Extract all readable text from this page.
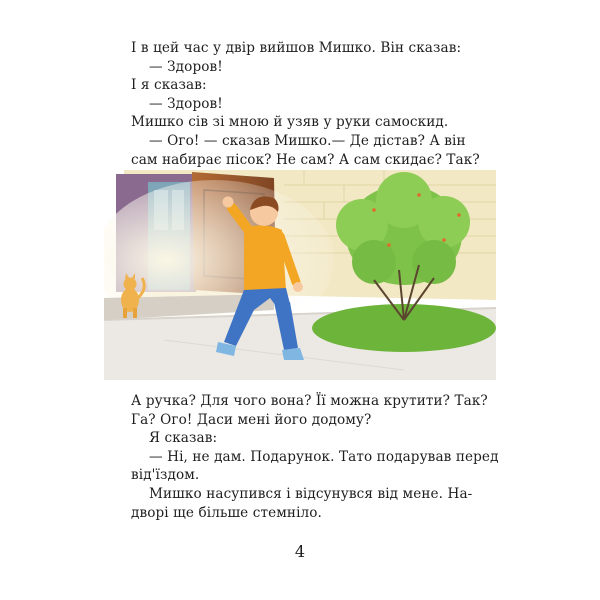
І в цей час у двір вийшов Мишко. Він сказав:
— Здоров!
І я сказав:
— Здоров!
Мишко сів зі мною й узяв у руки самоскид.
— Ого! — сказав Мишко.— Де дістав? А він
сам набирає пісок? Не сам? А сам скидає? Так?
А ручка? Для чого вона? Її можна крутити? Так?
Га? Ого! Даси мені його додому?
Я сказав:
— Ні, не дам. Подарунок. Тато подарував перед
від'їздом.
Мишко насупився і відсунувся від мене. На-
дворі ще більше стемніло.
4
